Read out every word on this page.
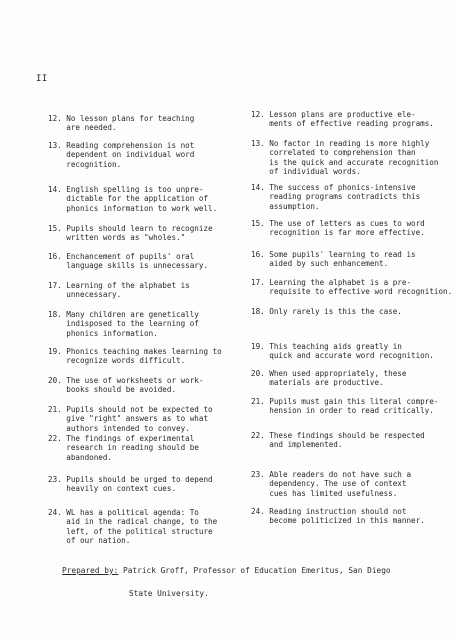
II
12. No lesson plans for teaching
are needed.
13. Reading comprehension is not
dependent on individual word
recognition.
14. English spelling is too unpre-
dictable for the application of
phonics information to work well.
15. Pupils should learn to recognize
written words as "wholes."
16. Enchancement of pupils' oral
language skills is unnecessary.
17. Learning of the alphabet is
unnecessary.
18. Many children are genetically
indisposed to the learning of
phonics information.
19. Phonics teaching makes learning to
recognize words difficult.
20. The use of worksheets or work-
books should be avoided.
21. Pupils should not be expected to
give "right" answers as to what
authors intended to convey.
22. The findings of experimental
research in reading should be
abandoned.
23. Pupils should be urged to depend
heavily on context cues.
24. WL has a political agenda: To
aid in the radical change, to the
left, of the political structure
of our nation.
12. Lesson plans are productive ele-
ments of effective reading programs.
13. No factor in reading is more highly
correlated to comprehension than
is the quick and accurate recognition
of individual words.
14. The success of phonics-intensive
reading programs contradicts this
assumption.
15. The use of letters as cues to word
recognition is far more effective.
16. Some pupils' learning to read is
aided by such enhancement.
17. Learning the alphabet is a pre-
requisite to effective word recognition.
18. Only rarely is this the case.
19. This teaching aids greatly in
quick and accurate word recognition.
20. When used appropriately, these
materials are productive.
21. Pupils must gain this literal compre-
hension in order to read critically.
22. These findings should be respected
and implemented.
23. Able readers do not have such a
dependency. The use of context
cues has limited usefulness.
24. Reading instruction should not
become politicized in this manner.
Prepared by: Patrick Groff, Professor of Education Emeritus, San Diego
State University.
